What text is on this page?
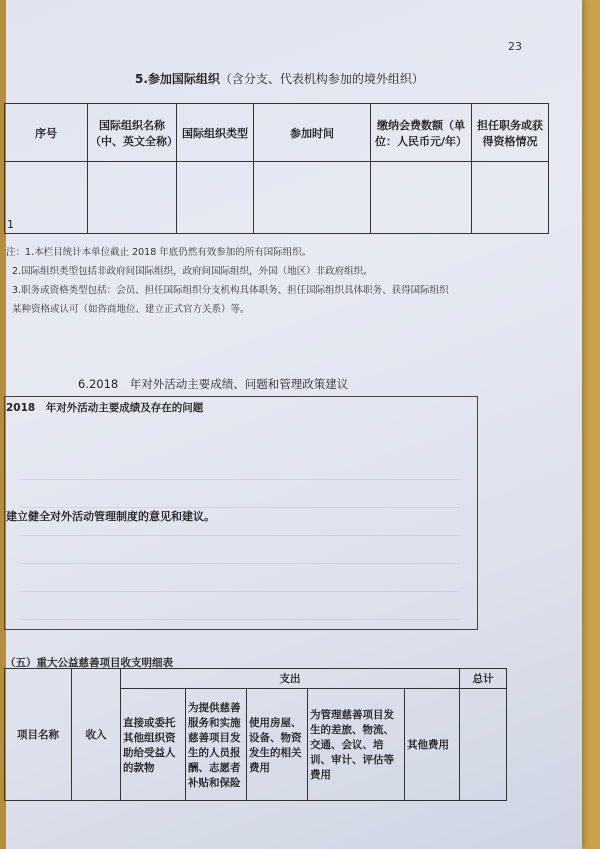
23
5.参加国际组织（含分支、代表机构参加的境外组织）
序号	国际组织名称（中、英文全称）	国际组织类型	参加时间	缴纳会费数额（单位：人民币元/年）	担任职务或获得资格情况
1					
注：1.本栏目统计本单位截止 2018 年底仍然有效参加的所有国际组织。
2.国际组织类型包括非政府间国际组织，政府间国际组织，外国（地区）非政府组织。
3.职务或资格类型包括：会员、担任国际组织分支机构具体职务、担任国际组织具体职务、获得国际组织
某种资格或认可（如咨商地位、建立正式官方关系）等。
6.2018　年对外活动主要成绩、问题和管理政策建议
2018　年对外活动主要成绩及存在的问题
建立健全对外活动管理制度的意见和建议。
（五）重大公益慈善项目收支明细表
项目名称	收入	支出					总计
		直接或委托其他组织资助给受益人的款物	为提供慈善服务和实施慈善项目发生的人员报酬、志愿者补贴和保险	使用房屋、设备、物资发生的相关费用	为管理慈善项目发生的差旅、物流、交通、会议、培训、审计、评估等费用	其他费用	
